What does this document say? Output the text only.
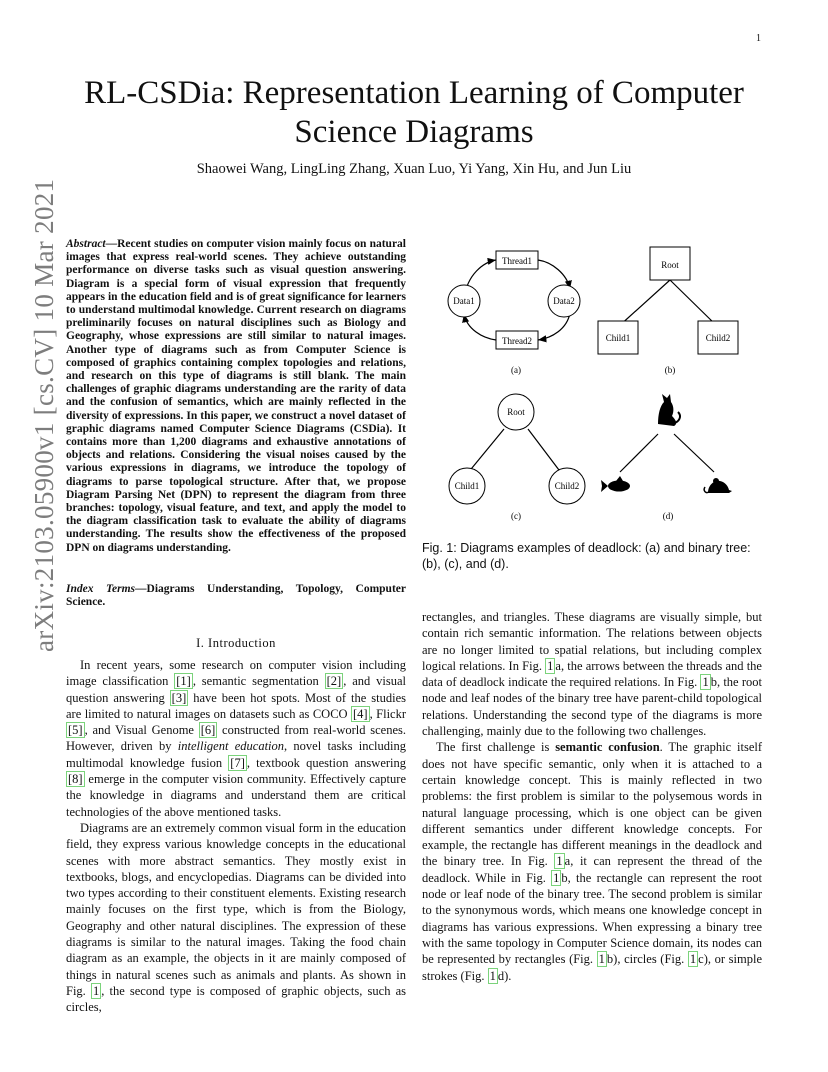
1
arXiv:2103.05900v1 [cs.CV] 10 Mar 2021
RL-CSDia: Representation Learning of Computer Science Diagrams
Shaowei Wang, LingLing Zhang, Xuan Luo, Yi Yang, Xin Hu, and Jun Liu
Abstract—Recent studies on computer vision mainly focus on natural images that express real-world scenes. They achieve outstanding performance on diverse tasks such as visual question answering. Diagram is a special form of visual expression that frequently appears in the education field and is of great significance for learners to understand multimodal knowledge. Current research on diagrams preliminarily focuses on natural disciplines such as Biology and Geography, whose expressions are still similar to natural images. Another type of diagrams such as from Computer Science is composed of graphics containing complex topologies and relations, and research on this type of diagrams is still blank. The main challenges of graphic diagrams understanding are the rarity of data and the confusion of semantics, which are mainly reflected in the diversity of expressions. In this paper, we construct a novel dataset of graphic diagrams named Computer Science Diagrams (CSDia). It contains more than 1,200 diagrams and exhaustive annotations of objects and relations. Considering the visual noises caused by the various expressions in diagrams, we introduce the topology of diagrams to parse topological structure. After that, we propose Diagram Parsing Net (DPN) to represent the diagram from three branches: topology, visual feature, and text, and apply the model to the diagram classification task to evaluate the ability of diagrams understanding. The results show the effectiveness of the proposed DPN on diagrams understanding.
Index Terms—Diagrams Understanding, Topology, Computer Science.
I. Introduction

In recent years, some research on computer vision including image classification [1] , semantic segmentation [2] , and visual question answering [3] have been hot spots. Most of the studies are limited to natural images on datasets such as COCO [4] , Flickr [5] , and Visual Genome [6] constructed from real-world scenes. However, driven by intelligent education, novel tasks including multimodal knowledge fusion [7] , textbook question answering [8] emerge in the computer vision community. Effectively capture the knowledge in diagrams and understand them are critical technologies of the above mentioned tasks.

Diagrams are an extremely common visual form in the education field, they express various knowledge concepts in the educational scenes with more abstract semantics. They mostly exist in textbooks, blogs, and encyclopedias. Diagrams can be divided into two types according to their constituent elements. Existing research mainly focuses on the first type, which is from the Biology, Geography and other natural disciplines. The expression of these diagrams is similar to the natural images. Taking the food chain diagram as an example, the objects in it are mainly composed of things in natural scenes such as animals and plants. As shown in Fig. 1 , the second type is composed of graphic objects, such as circles,

Thread1
Thread2
Data1	Data2
(a)
Root
Child1	Child2
(b)
Root
Child1	Child2
(c)	(d)
Fig. 1: Diagrams examples of deadlock: (a) and binary tree: (b), (c), and (d).

rectangles, and triangles. These diagrams are visually simple, but contain rich semantic information. The relations between objects are no longer limited to spatial relations, but including complex logical relations. In Fig. 1 a, the arrows between the threads and the data of deadlock indicate the required relations. In Fig. 1 b, the root node and leaf nodes of the binary tree have parent-child topological relations. Understanding the second type of the diagrams is more challenging, mainly due to the following two challenges.

The first challenge is semantic confusion. The graphic itself does not have specific semantic, only when it is attached to a certain knowledge concept. This is mainly reflected in two problems: the first problem is similar to the polysemous words in natural language processing, which is one object can be given different semantics under different knowledge concepts. For example, the rectangle has different meanings in the deadlock and the binary tree. In Fig. 1 a, it can represent the thread of the deadlock. While in Fig. 1 b, the rectangle can represent the root node or leaf node of the binary tree. The second problem is similar to the synonymous words, which means one knowledge concept in diagrams has various expressions. When expressing a binary tree with the same topology in Computer Science domain, its nodes can be represented by rectangles (Fig. 1 b), circles (Fig. 1 c), or simple strokes (Fig. 1 d).
